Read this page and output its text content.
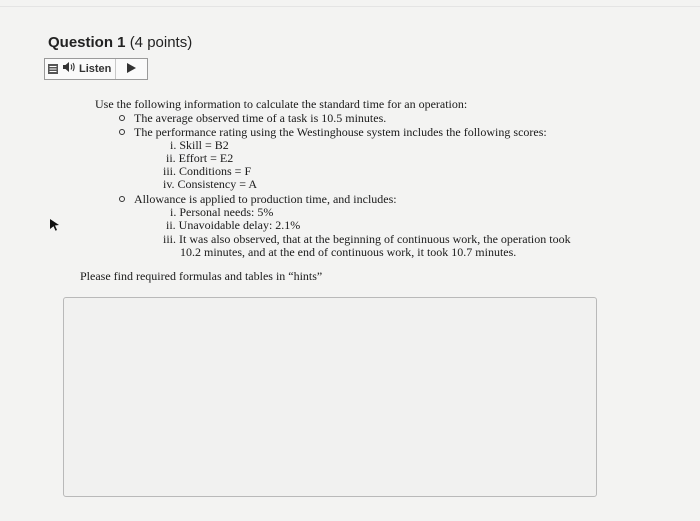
Question 1 (4 points)
Listen
Use the following information to calculate the standard time for an operation:
The average observed time of a task is 10.5 minutes.
The performance rating using the Westinghouse system includes the following scores:
i. Skill = B2
ii. Effort = E2
iii. Conditions = F
iv. Consistency = A
Allowance is applied to production time, and includes:
i. Personal needs: 5%
ii. Unavoidable delay: 2.1%
iii. It was also observed, that at the beginning of continuous work, the operation took
10.2 minutes, and at the end of continuous work, it took 10.7 minutes.
Please find required formulas and tables in “hints”
